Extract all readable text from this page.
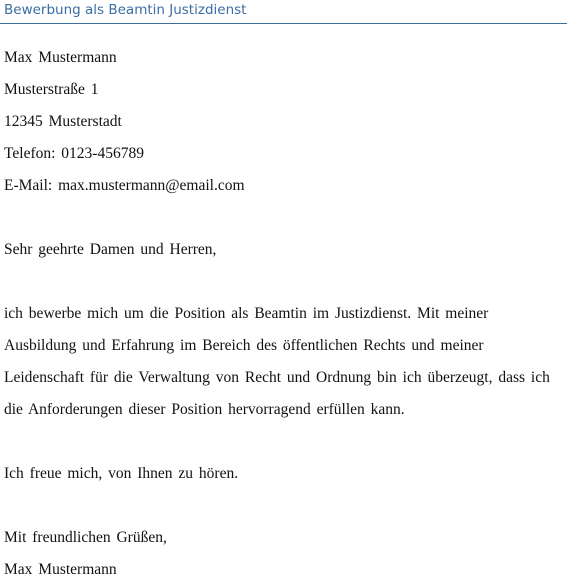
Bewerbung als Beamtin Justizdienst
Max Mustermann
Musterstraße 1
12345 Musterstadt
Telefon: 0123-456789
E-Mail: max.mustermann@email.com
Sehr geehrte Damen und Herren,
ich bewerbe mich um die Position als Beamtin im Justizdienst. Mit meiner
Ausbildung und Erfahrung im Bereich des öffentlichen Rechts und meiner
Leidenschaft für die Verwaltung von Recht und Ordnung bin ich überzeugt, dass ich
die Anforderungen dieser Position hervorragend erfüllen kann.
Ich freue mich, von Ihnen zu hören.
Mit freundlichen Grüßen,
Max Mustermann
